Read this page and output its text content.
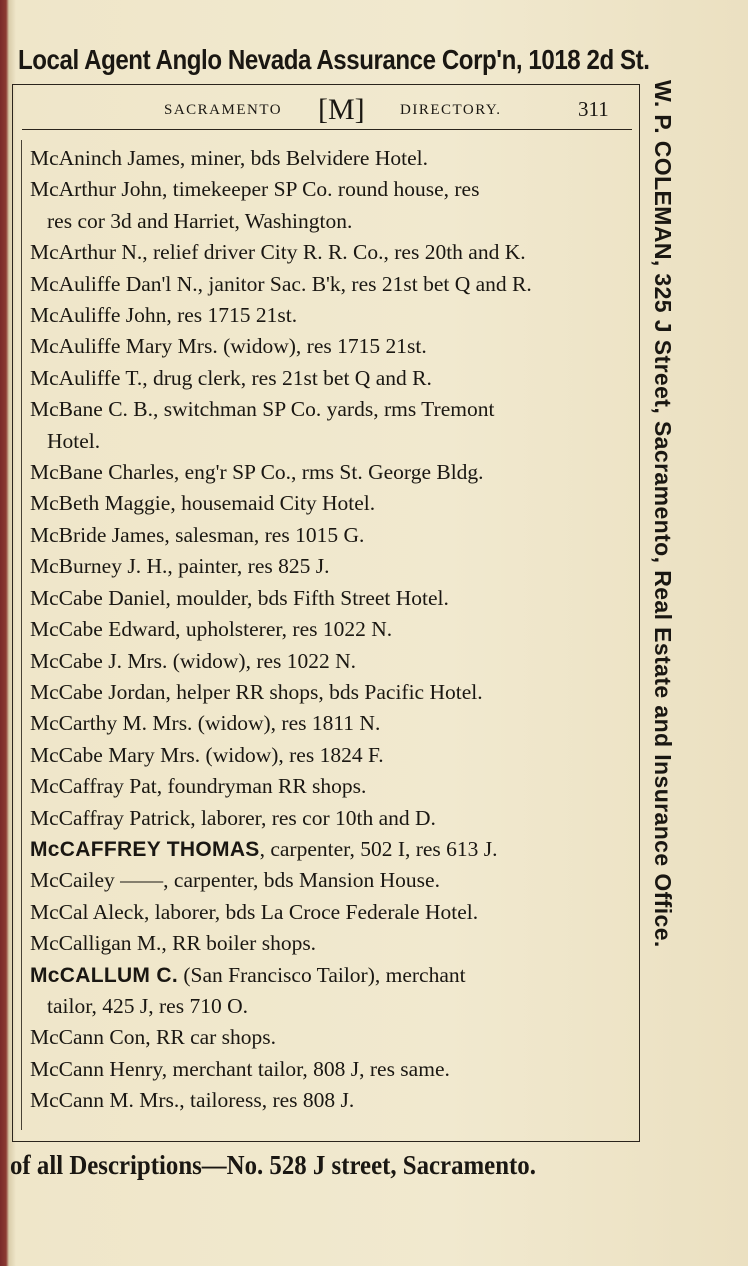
Local Agent Anglo Nevada Assurance Corp'n, 1018 2d St.
SACRAMENTO [M] DIRECTORY.	311
McAninch James, miner, bds Belvidere Hotel.
McArthur John, timekeeper SP Co. round house, res
res cor 3d and Harriet, Washington.
McArthur N., relief driver City R. R. Co., res 20th and K.
McAuliffe Dan'l N., janitor Sac. B'k, res 21st bet Q and R.
McAuliffe John, res 1715 21st.
McAuliffe Mary Mrs. (widow), res 1715 21st.
McAuliffe T., drug clerk, res 21st bet Q and R.
McBane C. B., switchman SP Co. yards, rms Tremont
Hotel.
McBane Charles, eng'r SP Co., rms St. George Bldg.
McBeth Maggie, housemaid City Hotel.
McBride James, salesman, res 1015 G.
McBurney J. H., painter, res 825 J.
McCabe Daniel, moulder, bds Fifth Street Hotel.
McCabe Edward, upholsterer, res 1022 N.
McCabe J. Mrs. (widow), res 1022 N.
McCabe Jordan, helper RR shops, bds Pacific Hotel.
McCarthy M. Mrs. (widow), res 1811 N.
McCabe Mary Mrs. (widow), res 1824 F.
McCaffray Pat, foundryman RR shops.
McCaffray Patrick, laborer, res cor 10th and D.
McCAFFREY THOMAS, carpenter, 502 I, res 613 J.
McCailey ——, carpenter, bds Mansion House.
McCal Aleck, laborer, bds La Croce Federale Hotel.
McCalligan M., RR boiler shops.
McCALLUM C. (San Francisco Tailor), merchant
tailor, 425 J, res 710 O.
McCann Con, RR car shops.
McCann Henry, merchant tailor, 808 J, res same.
McCann M. Mrs., tailoress, res 808 J.
W. P. COLEMAN, 325 J Street, Sacramento, Real Estate and Insurance Office.
of all Descriptions—No. 528 J street, Sacramento.
